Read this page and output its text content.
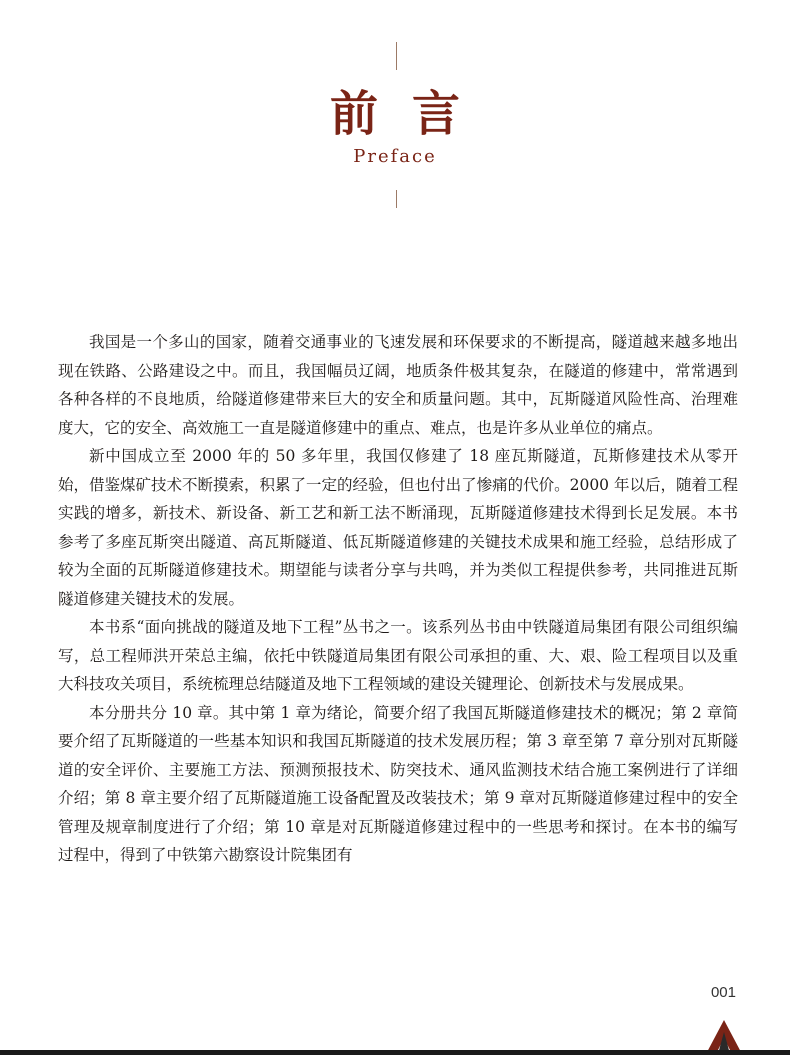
前言
Preface

我国是一个多山的国家，随着交通事业的飞速发展和环保要求的不断提高，隧道越来越多地出现在铁路、公路建设之中。而且，我国幅员辽阔，地质条件极其复杂，在隧道的修建中，常常遇到各种各样的不良地质，给隧道修建带来巨大的安全和质量问题。其中，瓦斯隧道风险性高、治理难度大，它的安全、高效施工一直是隧道修建中的重点、难点，也是许多从业单位的痛点。

新中国成立至 2000 年的 50 多年里，我国仅修建了 18 座瓦斯隧道，瓦斯修建技术从零开始，借鉴煤矿技术不断摸索，积累了一定的经验，但也付出了惨痛的代价。2000 年以后，随着工程实践的增多，新技术、新设备、新工艺和新工法不断涌现，瓦斯隧道修建技术得到长足发展。本书参考了多座瓦斯突出隧道、高瓦斯隧道、低瓦斯隧道修建的关键技术成果和施工经验，总结形成了较为全面的瓦斯隧道修建技术。期望能与读者分享与共鸣，并为类似工程提供参考，共同推进瓦斯隧道修建关键技术的发展。

本书系“面向挑战的隧道及地下工程”丛书之一。该系列丛书由中铁隧道局集团有限公司组织编写，总工程师洪开荣总主编，依托中铁隧道局集团有限公司承担的重、大、艰、险工程项目以及重大科技攻关项目，系统梳理总结隧道及地下工程领域的建设关键理论、创新技术与发展成果。

本分册共分 10 章。其中第 1 章为绪论，简要介绍了我国瓦斯隧道修建技术的概况；第 2 章简要介绍了瓦斯隧道的一些基本知识和我国瓦斯隧道的技术发展历程；第 3 章至第 7 章分别对瓦斯隧道的安全评价、主要施工方法、预测预报技术、防突技术、通风监测技术结合施工案例进行了详细介绍；第 8 章主要介绍了瓦斯隧道施工设备配置及改装技术；第 9 章对瓦斯隧道修建过程中的安全管理及规章制度进行了介绍；第 10 章是对瓦斯隧道修建过程中的一些思考和探讨。在本书的编写过程中，得到了中铁第六勘察设计院集团有

001
